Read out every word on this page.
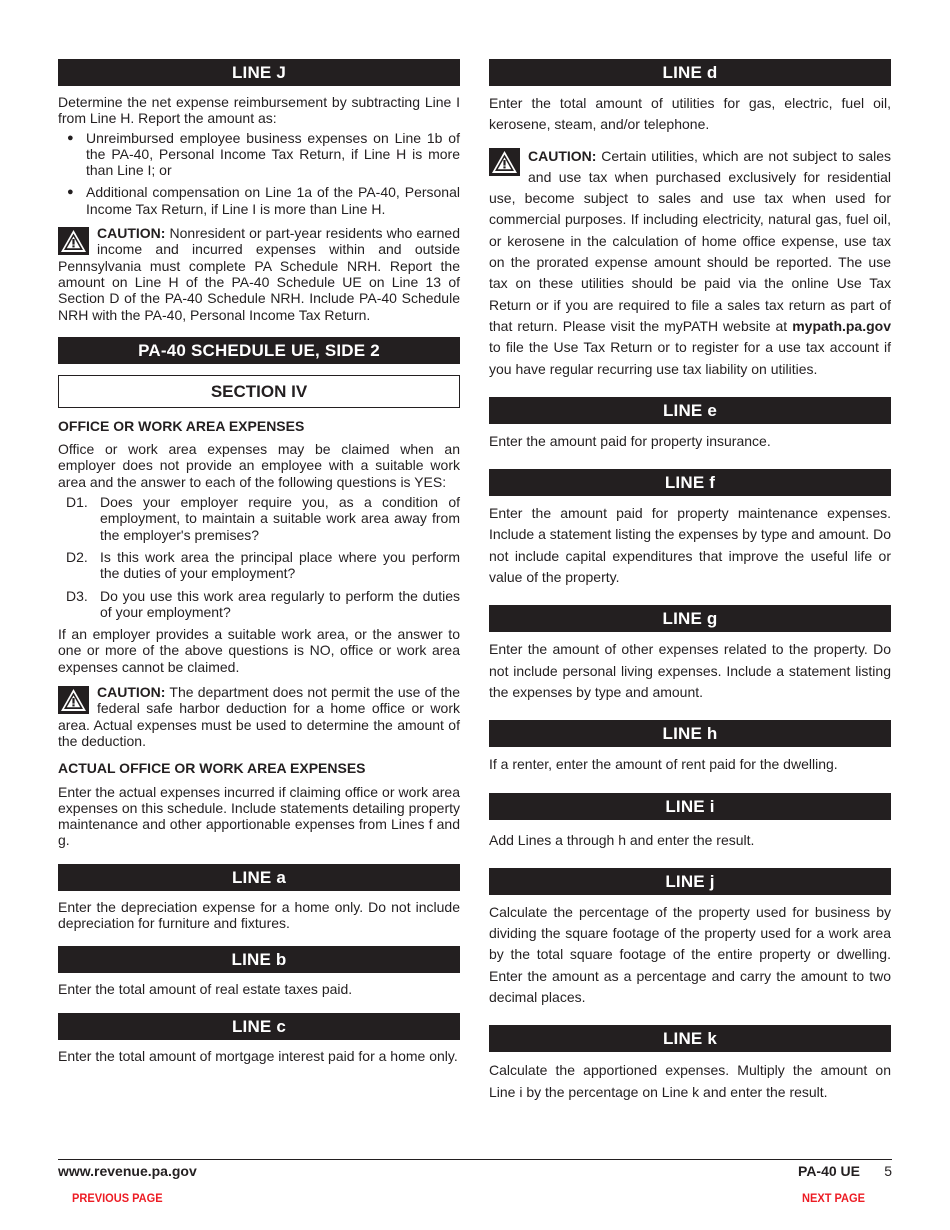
LINE J

Determine the net expense reimbursement by subtracting Line I from Line H. Report the amount as:

● Unreimbursed employee business expenses on Line 1b of the PA-40, Personal Income Tax Return, if Line H is more than Line I; or
● Additional compensation on Line 1a of the PA-40, Personal Income Tax Return, if Line I is more than Line H.

CAUTION: Nonresident or part-year residents who earned income and incurred expenses within and outside Pennsylvania must complete PA Schedule NRH. Report the amount on Line H of the PA-40 Schedule UE on Line 13 of Section D of the PA-40 Schedule NRH. Include PA-40 Schedule NRH with the PA-40, Personal Income Tax Return.

PA-40 SCHEDULE UE, SIDE 2
SECTION IV

OFFICE OR WORK AREA EXPENSES

Office or work area expenses may be claimed when an employer does not provide an employee with a suitable work area and the answer to each of the following questions is YES:

D1. Does your employer require you, as a condition of employment, to maintain a suitable work area away from the employer's premises?
D2. Is this work area the principal place where you perform the duties of your employment?
D3. Do you use this work area regularly to perform the duties of your employment?

If an employer provides a suitable work area, or the answer to one or more of the above questions is NO, office or work area expenses cannot be claimed.

CAUTION: The department does not permit the use of the federal safe harbor deduction for a home office or work area. Actual expenses must be used to determine the amount of the deduction.

ACTUAL OFFICE OR WORK AREA EXPENSES

Enter the actual expenses incurred if claiming office or work area expenses on this schedule. Include statements detailing property maintenance and other apportionable expenses from Lines f and g.

LINE a

Enter the depreciation expense for a home only. Do not include depreciation for furniture and fixtures.

LINE b

Enter the total amount of real estate taxes paid.

LINE c

Enter the total amount of mortgage interest paid for a home only.

LINE d

Enter the total amount of utilities for gas, electric, fuel oil, kerosene, steam, and/or telephone.

CAUTION: Certain utilities, which are not subject to sales and use tax when purchased exclusively for residential use, become subject to sales and use tax when used for commercial purposes. If including electricity, natural gas, fuel oil, or kerosene in the calculation of home office expense, use tax on the prorated expense amount should be reported. The use tax on these utilities should be paid via the online Use Tax Return or if you are required to file a sales tax return as part of that return. Please visit the myPATH website at mypath.pa.gov to file the Use Tax Return or to register for a use tax account if you have regular recurring use tax liability on utilities.

LINE e

Enter the amount paid for property insurance.

LINE f

Enter the amount paid for property maintenance expenses. Include a statement listing the expenses by type and amount. Do not include capital expenditures that improve the useful life or value of the property.

LINE g

Enter the amount of other expenses related to the property. Do not include personal living expenses. Include a statement listing the expenses by type and amount.

LINE h

If a renter, enter the amount of rent paid for the dwelling.

LINE i

Add Lines a through h and enter the result.

LINE j

Calculate the percentage of the property used for business by dividing the square footage of the property used for a work area by the total square footage of the entire property or dwelling. Enter the amount as a percentage and carry the amount to two decimal places.

LINE k

Calculate the apportioned expenses. Multiply the amount on Line i by the percentage on Line k and enter the result.

www.revenue.pa.gov	PA-40 UE 5
PREVIOUS PAGE	NEXT PAGE
